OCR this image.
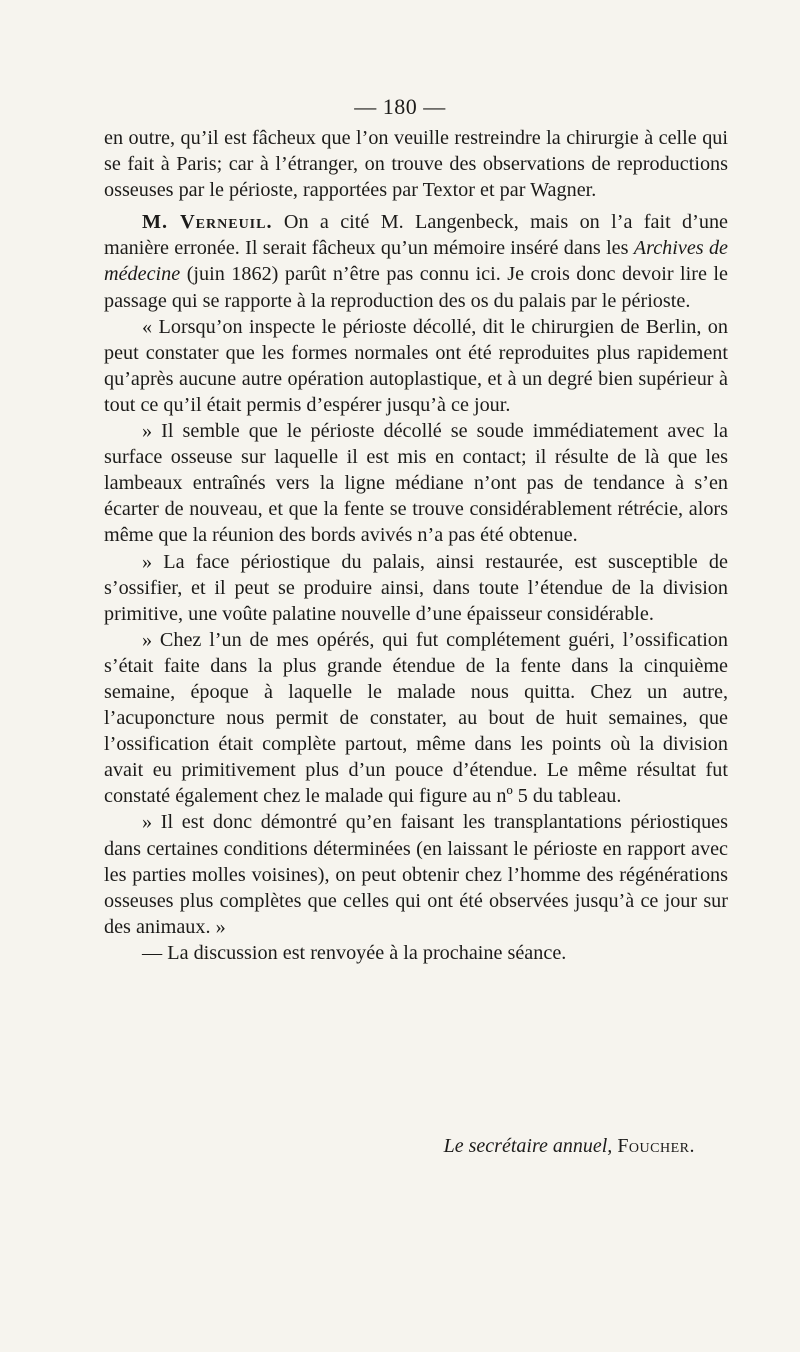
— 180 —

en outre, qu’il est fâcheux que l’on veuille restreindre la chirurgie à celle qui se fait à Paris; car à l’étranger, on trouve des observations de reproductions osseuses par le périoste, rapportées par Textor et par Wagner.

M. Verneuil. On a cité M. Langenbeck, mais on l’a fait d’une manière erronée. Il serait fâcheux qu’un mémoire inséré dans les Archives de médecine (juin 1862) parût n’être pas connu ici. Je crois donc devoir lire le passage qui se rapporte à la reproduction des os du palais par le périoste.

« Lorsqu’on inspecte le périoste décollé, dit le chirurgien de Berlin, on peut constater que les formes normales ont été reproduites plus rapidement qu’après aucune autre opération autoplastique, et à un degré bien supérieur à tout ce qu’il était permis d’espérer jusqu’à ce jour.

» Il semble que le périoste décollé se soude immédiatement avec la surface osseuse sur laquelle il est mis en contact; il résulte de là que les lambeaux entraînés vers la ligne médiane n’ont pas de tendance à s’en écarter de nouveau, et que la fente se trouve considérablement rétrécie, alors même que la réunion des bords avivés n’a pas été obtenue.

» La face périostique du palais, ainsi restaurée, est susceptible de s’ossifier, et il peut se produire ainsi, dans toute l’étendue de la division primitive, une voûte palatine nouvelle d’une épaisseur considérable.

» Chez l’un de mes opérés, qui fut complétement guéri, l’ossification s’était faite dans la plus grande étendue de la fente dans la cinquième semaine, époque à laquelle le malade nous quitta. Chez un autre, l’acuponcture nous permit de constater, au bout de huit semaines, que l’ossification était complète partout, même dans les points où la division avait eu primitivement plus d’un pouce d’étendue. Le même résultat fut constaté également chez le malade qui figure au nº 5 du tableau.

» Il est donc démontré qu’en faisant les transplantations périostiques dans certaines conditions déterminées (en laissant le périoste en rapport avec les parties molles voisines), on peut obtenir chez l’homme des régénérations osseuses plus complètes que celles qui ont été observées jusqu’à ce jour sur des animaux. »

— La discussion est renvoyée à la prochaine séance.

Le secrétaire annuel, Foucher.
